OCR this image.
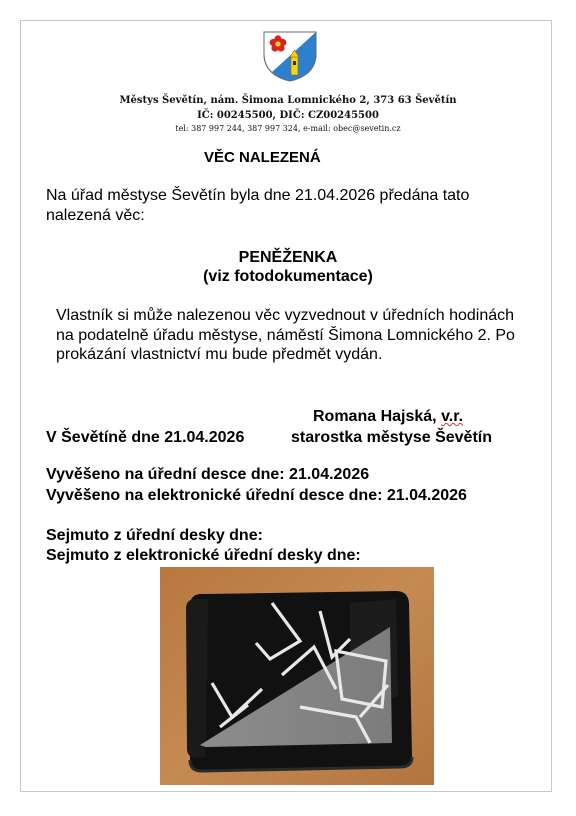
Městys Ševětín, nám. Šimona Lomnického 2, 373 63 Ševětín
IČ: 00245500, DIČ: CZ00245500
tel: 387 997 244, 387 997 324, e-mail: obec@sevetin.cz
VĚC NALEZENÁ

Na úřad městyse Ševětín byla dne 21.04.2026 předána tato nalezená věc:

PENĚŽENKA
(viz fotodokumentace)

Vlastník si může nalezenou věc vyzvednout v úředních hodinách na podatelně úřadu městyse, náměstí Šimona Lomnického 2. Po prokázání vlastnictví mu bude předmět vydán.

Romana Hajská, v.r.
V Ševětíně dne 21.04.2026	starostka městyse Ševětín
Vyvěšeno na úřední desce dne: 21.04.2026
Vyvěšeno na elektronické úřední desce dne: 21.04.2026
Sejmuto z úřední desky dne:
Sejmuto z elektronické úřední desky dne:
